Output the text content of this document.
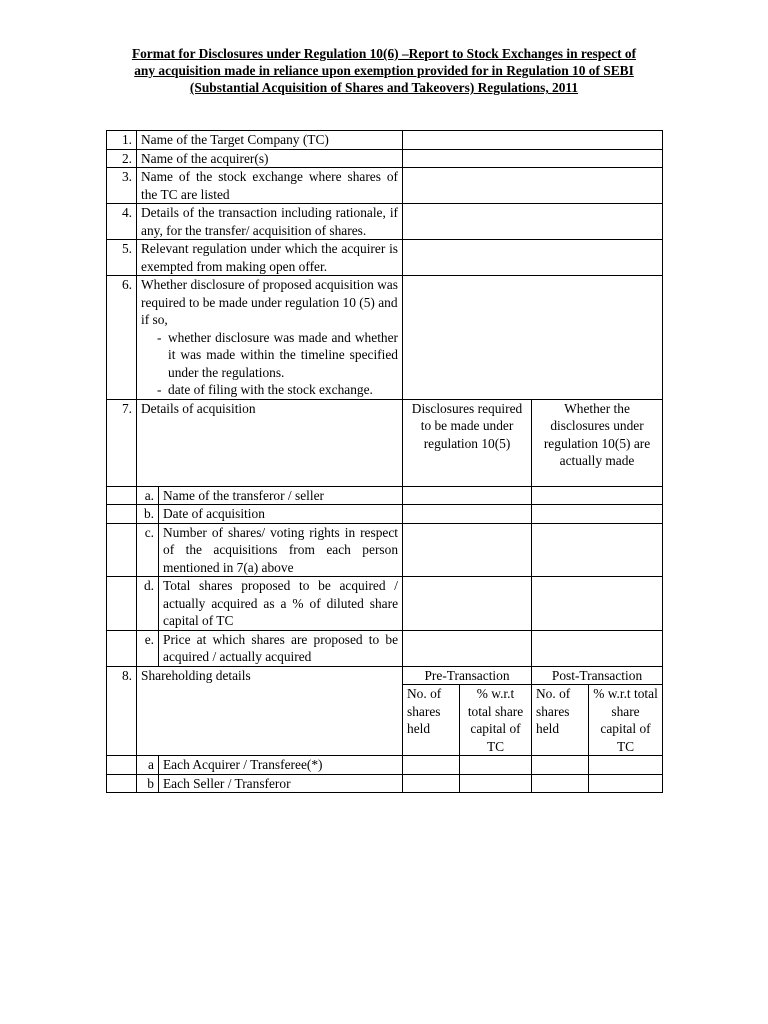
Format for Disclosures under Regulation 10(6) –Report to Stock Exchanges in respect of
any acquisition made in reliance upon exemption provided for in Regulation 10 of SEBI
(Substantial Acquisition of Shares and Takeovers) Regulations, 2011
1.	Name of the Target Company (TC)					
2.	Name of the acquirer(s)					
3.	Name of the stock exchange where shares of the TC are listed					
4.	Details of the transaction including rationale, if any, for the transfer/ acquisition of shares.					
5.	Relevant regulation under which the acquirer is exempted from making open offer.					
6.	Whether disclosure of proposed acquisition was required to be made under regulation 10 (5) and if so,
- whether disclosure was made and whether it was made within the timeline specified under the regulations.
- date of filing with the stock exchange.					

7.	Details of acquisition		Disclosures required to be made under regulation 10(5)		Whether the disclosures under regulation 10(5) are actually made	
	a.	Name of the transferor / seller				
	b.	Date of acquisition				
	c.	Number of shares/ voting rights in respect of the acquisitions from each person mentioned in 7(a) above				
	d.	Total shares proposed to be acquired / actually acquired as a % of diluted share capital of TC				
	e.	Price at which shares are proposed to be acquired / actually acquired				
8.	Shareholding details		Pre-Transaction		Post-Transaction	
			No. of shares held	% w.r.t total share capital of TC	No. of shares held	% w.r.t total share capital of TC
	a	Each Acquirer / Transferee(*)				
	b	Each Seller / Transferor				
